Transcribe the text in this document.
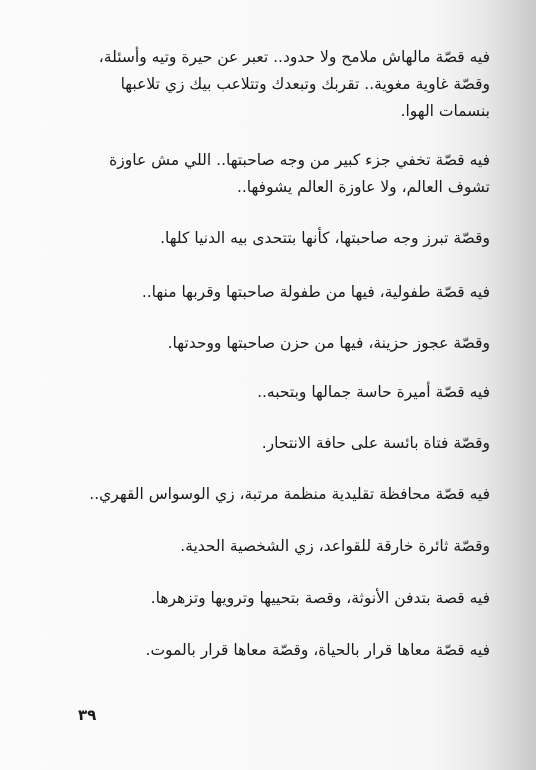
فيه قصّة مالهاش ملامح ولا حدود.. تعبر عن حيرة وتيه وأسئلة،
وقصّة غاوية مغوية.. تقربك وتبعدك وتتلاعب بيك زي تلاعبها
بنسمات الهوا.
فيه قصّة تخفي جزء كبير من وجه صاحبتها.. اللي مش عاوزة
تشوف العالم، ولا عاوزة العالم يشوفها..
وقصّة تبرز وجه صاحبتها، كأنها بتتحدى بيه الدنيا كلها.
فيه قصّة طفولية، فيها من طفولة صاحبتها وقربها منها..
وقصّة عجوز حزينة، فيها من حزن صاحبتها ووحدتها.
فيه قصّة أميرة حاسة جمالها وبتحبه..
وقصّة فتاة بائسة على حافة الانتحار.
فيه قصّة محافظة تقليدية منظمة مرتبة، زي الوسواس القهري..
وقصّة ثائرة خارقة للقواعد، زي الشخصية الحدية.
فيه قصة بتدفن الأنوثة، وقصة بتحييها وترويها وتزهرها.
فيه قصّة معاها قرار بالحياة، وقصّة معاها قرار بالموت.
٣٩
